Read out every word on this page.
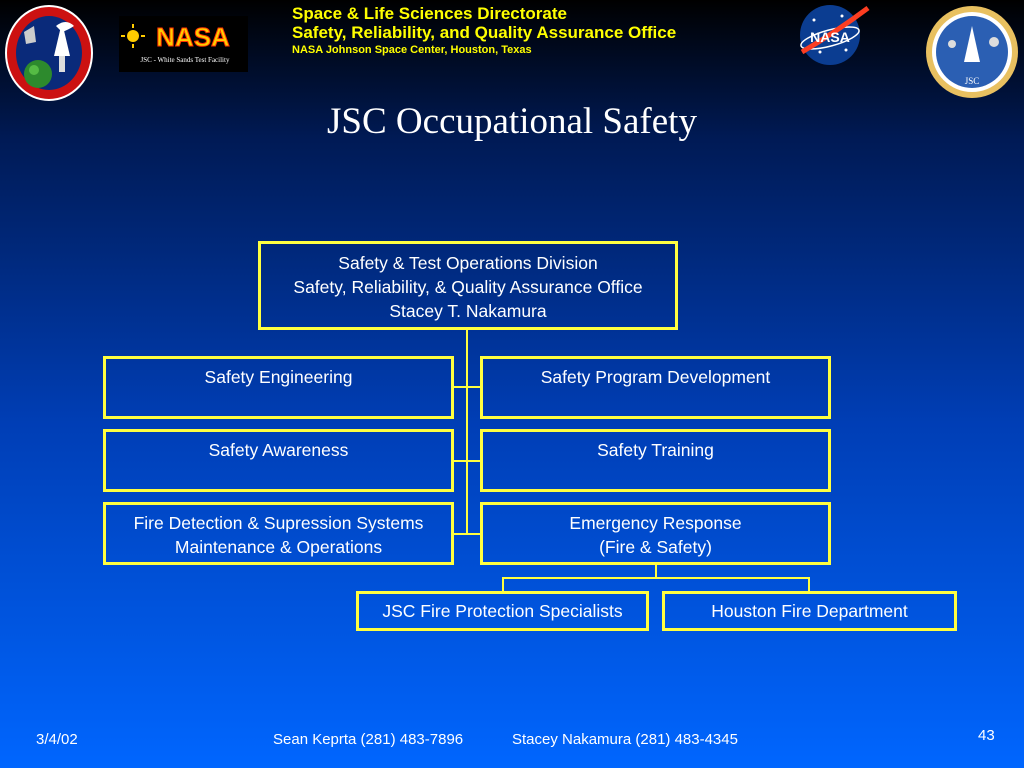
NASA
JSC - White Sands Test Facility
Space & Life Sciences Directorate
Safety, Reliability, and Quality Assurance Office
NASA Johnson Space Center, Houston, Texas
NASA
JSC
JSC Occupational Safety
Safety & Test Operations Division
Safety, Reliability, & Quality Assurance Office
Stacey T. Nakamura
Safety Engineering
Safety Awareness
Fire Detection & Supression Systems
Maintenance & Operations
Safety Program Development
Safety Training
Emergency Response
(Fire & Safety)
JSC Fire Protection Specialists	Houston Fire Department
3/4/02	Sean Keprta (281) 483-7896	Stacey Nakamura (281) 483-4345	43
